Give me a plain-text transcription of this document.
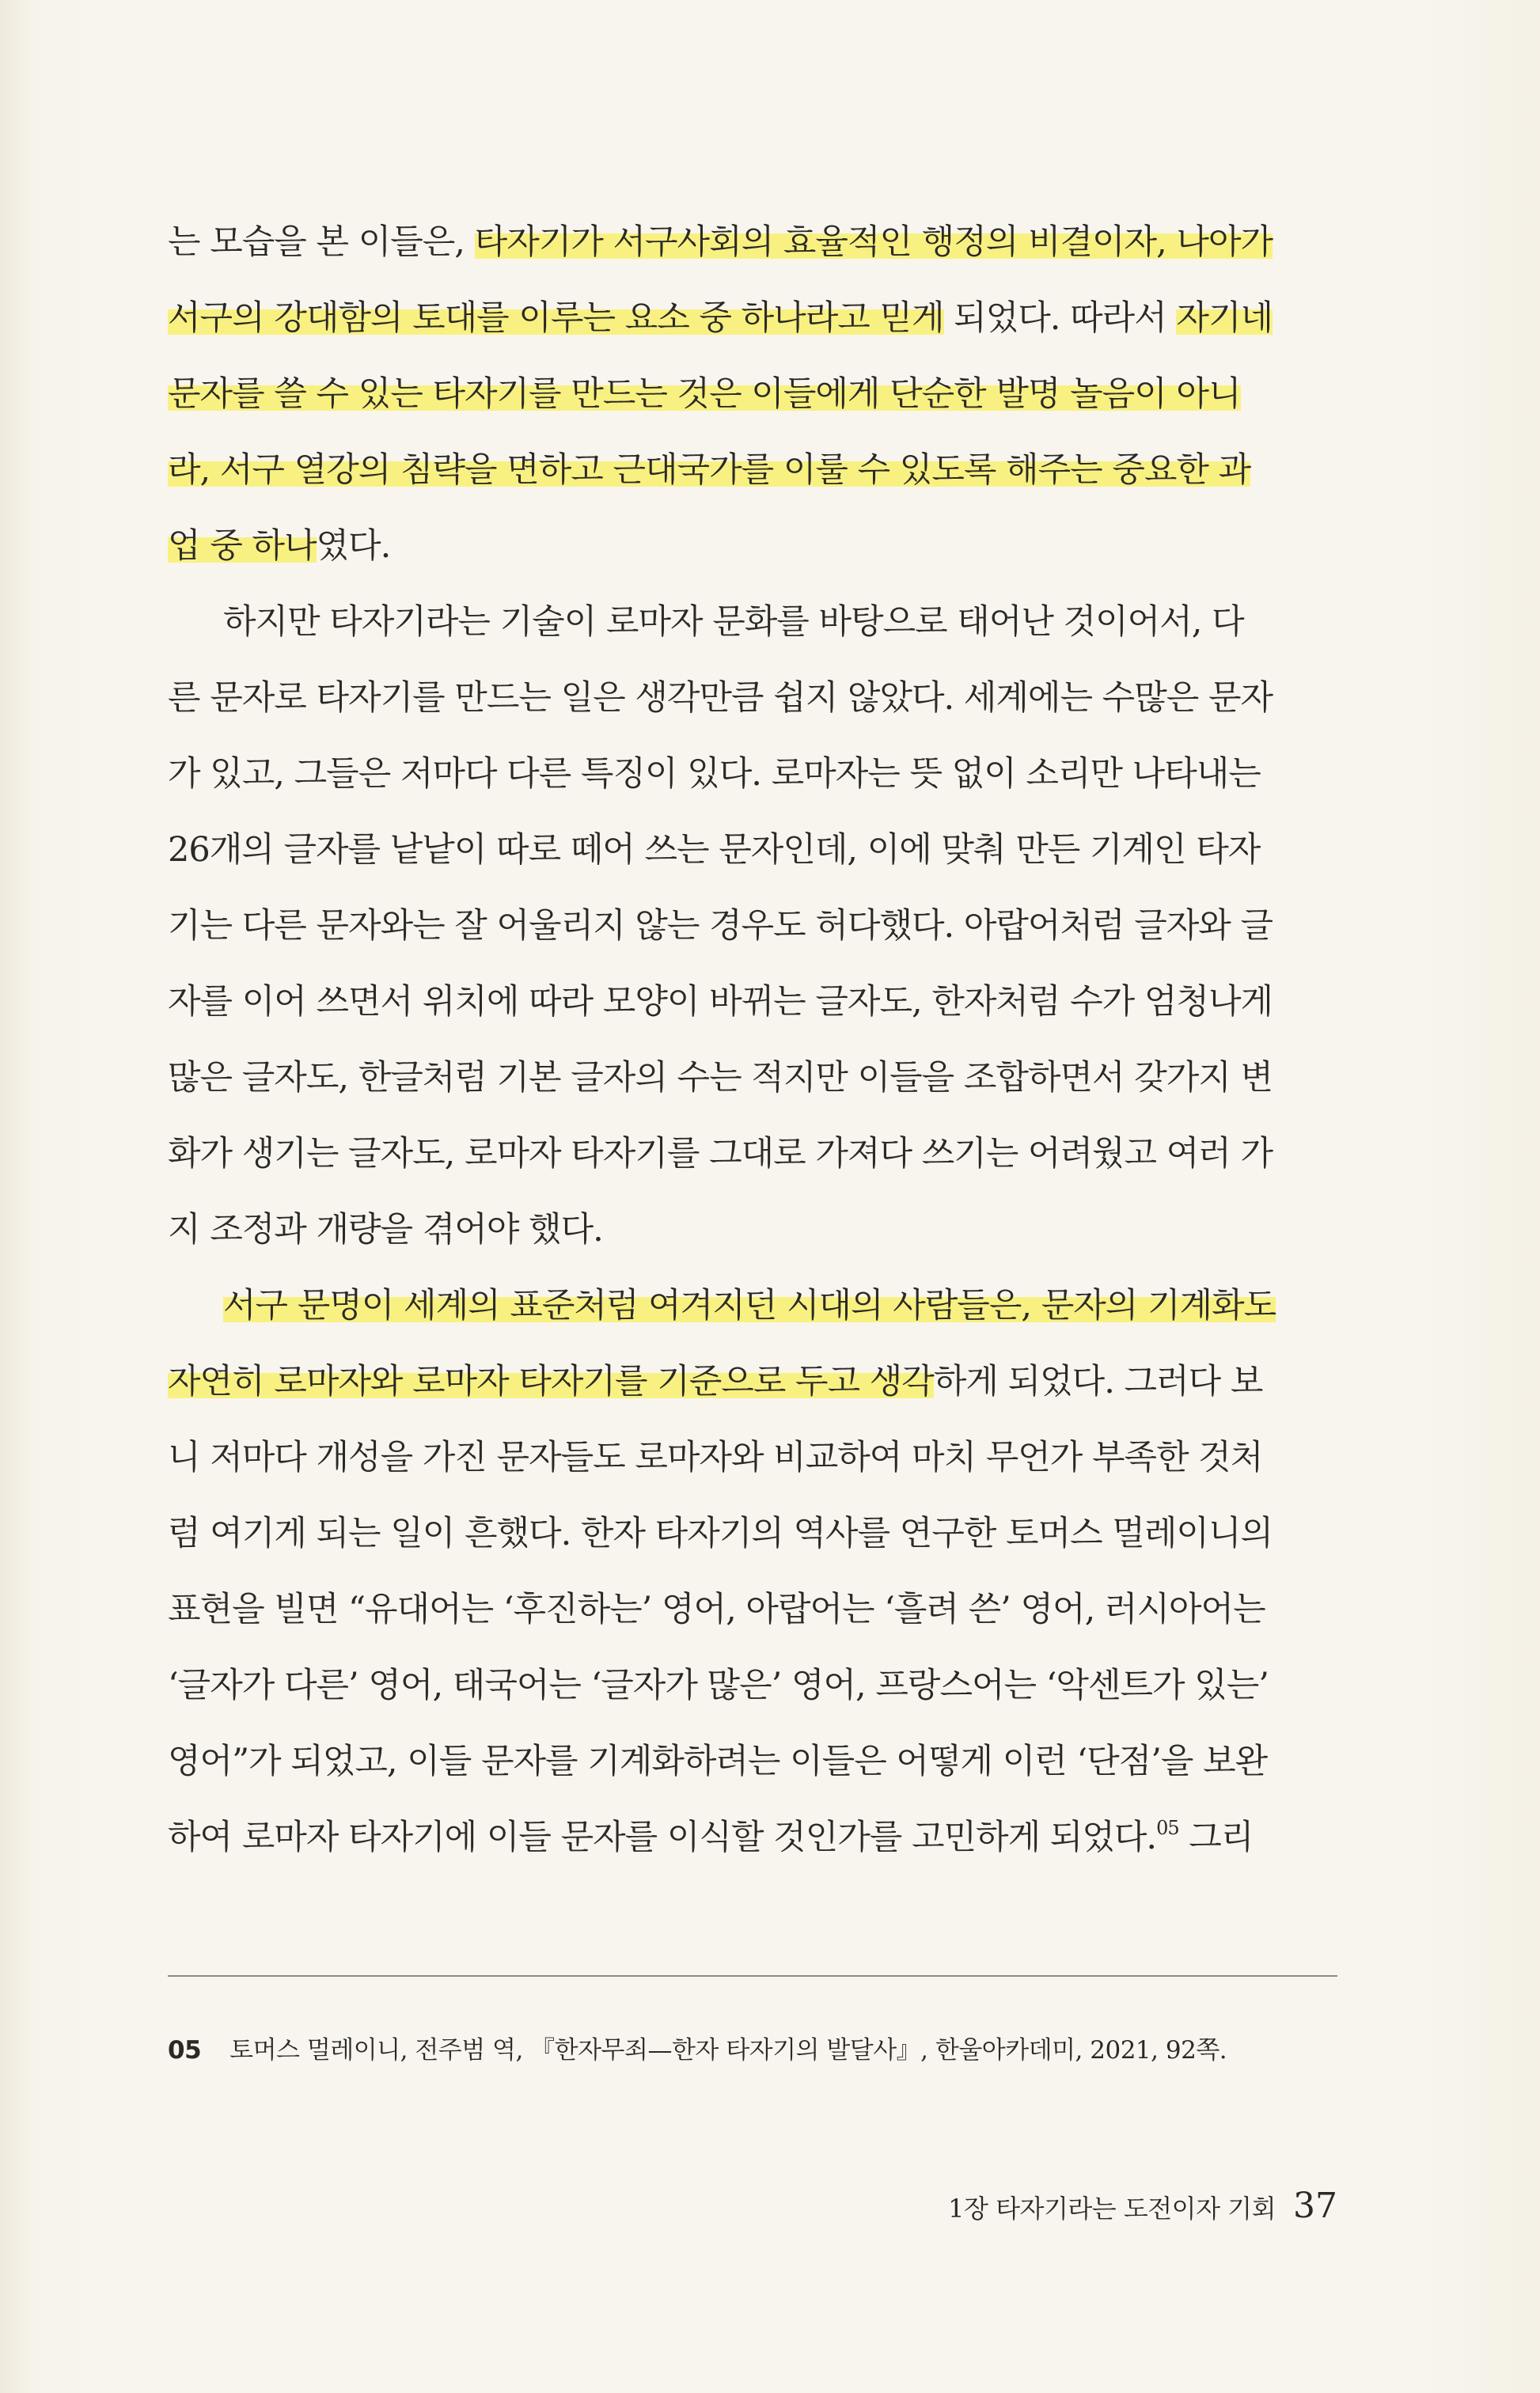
는 모습을 본 이들은, 타자기가 서구사회의 효율적인 행정의 비결이자, 나아가
서구의 강대함의 토대를 이루는 요소 중 하나라고 믿게 되었다. 따라서 자기네
문자를 쓸 수 있는 타자기를 만드는 것은 이들에게 단순한 발명 놀음이 아니
라, 서구 열강의 침략을 면하고 근대국가를 이룰 수 있도록 해주는 중요한 과
업 중 하나였다.
하지만 타자기라는 기술이 로마자 문화를 바탕으로 태어난 것이어서, 다
른 문자로 타자기를 만드는 일은 생각만큼 쉽지 않았다. 세계에는 수많은 문자
가 있고, 그들은 저마다 다른 특징이 있다. 로마자는 뜻 없이 소리만 나타내는
26개의 글자를 낱낱이 따로 떼어 쓰는 문자인데, 이에 맞춰 만든 기계인 타자
기는 다른 문자와는 잘 어울리지 않는 경우도 허다했다. 아랍어처럼 글자와 글
자를 이어 쓰면서 위치에 따라 모양이 바뀌는 글자도, 한자처럼 수가 엄청나게
많은 글자도, 한글처럼 기본 글자의 수는 적지만 이들을 조합하면서 갖가지 변
화가 생기는 글자도, 로마자 타자기를 그대로 가져다 쓰기는 어려웠고 여러 가
지 조정과 개량을 겪어야 했다.
서구 문명이 세계의 표준처럼 여겨지던 시대의 사람들은, 문자의 기계화도
자연히 로마자와 로마자 타자기를 기준으로 두고 생각하게 되었다. 그러다 보
니 저마다 개성을 가진 문자들도 로마자와 비교하여 마치 무언가 부족한 것처
럼 여기게 되는 일이 흔했다. 한자 타자기의 역사를 연구한 토머스 멀레이니의
표현을 빌면 “유대어는 ‘후진하는’ 영어, 아랍어는 ‘흘려 쓴’ 영어, 러시아어는
‘글자가 다른’ 영어, 태국어는 ‘글자가 많은’ 영어, 프랑스어는 ‘악센트가 있는’
영어”가 되었고, 이들 문자를 기계화하려는 이들은 어떻게 이런 ‘단점’을 보완
하여 로마자 타자기에 이들 문자를 이식할 것인가를 고민하게 되었다.$^{05}$ 그리
05 토머스 멀레이니, 전주범 역, 『한자무죄—한자 타자기의 발달사』, 한울아카데미, 2021, 92쪽.
1장 타자기라는 도전이자 기회 37
